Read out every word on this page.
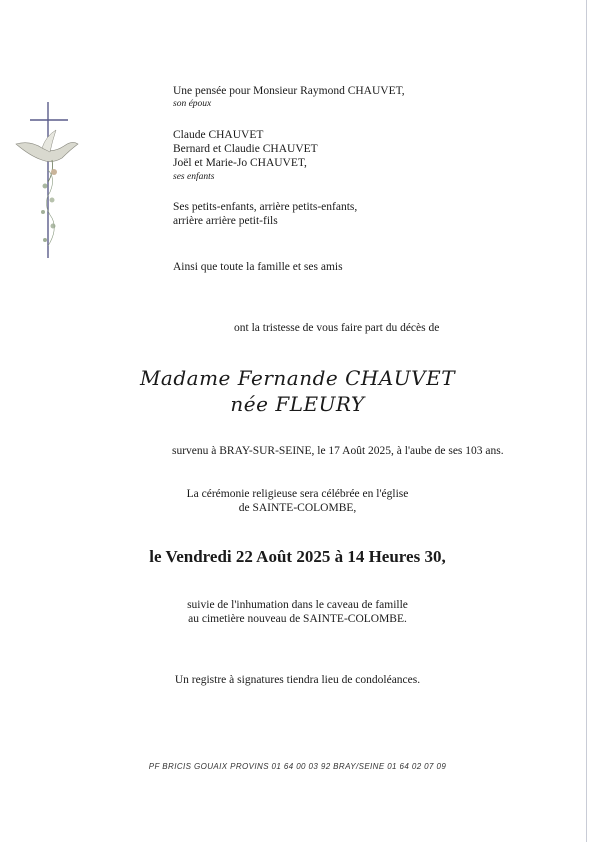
Une pensée pour Monsieur Raymond CHAUVET,
son époux
Claude CHAUVET
Bernard et Claudie CHAUVET
Joël et Marie-Jo CHAUVET,
ses enfants
Ses petits-enfants, arrière petits-enfants,
arrière arrière petit-fils
Ainsi que toute la famille et ses amis
ont la tristesse de vous faire part du décès de
Madame Fernande CHAUVET
née FLEURY
survenu à BRAY-SUR-SEINE, le 17 Août 2025, à l'aube de ses 103 ans.
La cérémonie religieuse sera célébrée en l'église
de SAINTE-COLOMBE,
le Vendredi 22 Août 2025 à 14 Heures 30,
suivie de l'inhumation dans le caveau de famille
au cimetière nouveau de SAINTE-COLOMBE.
Un registre à signatures tiendra lieu de condoléances.
PF BRICIS GOUAIX PROVINS 01 64 00 03 92 BRAY/SEINE 01 64 02 07 09
